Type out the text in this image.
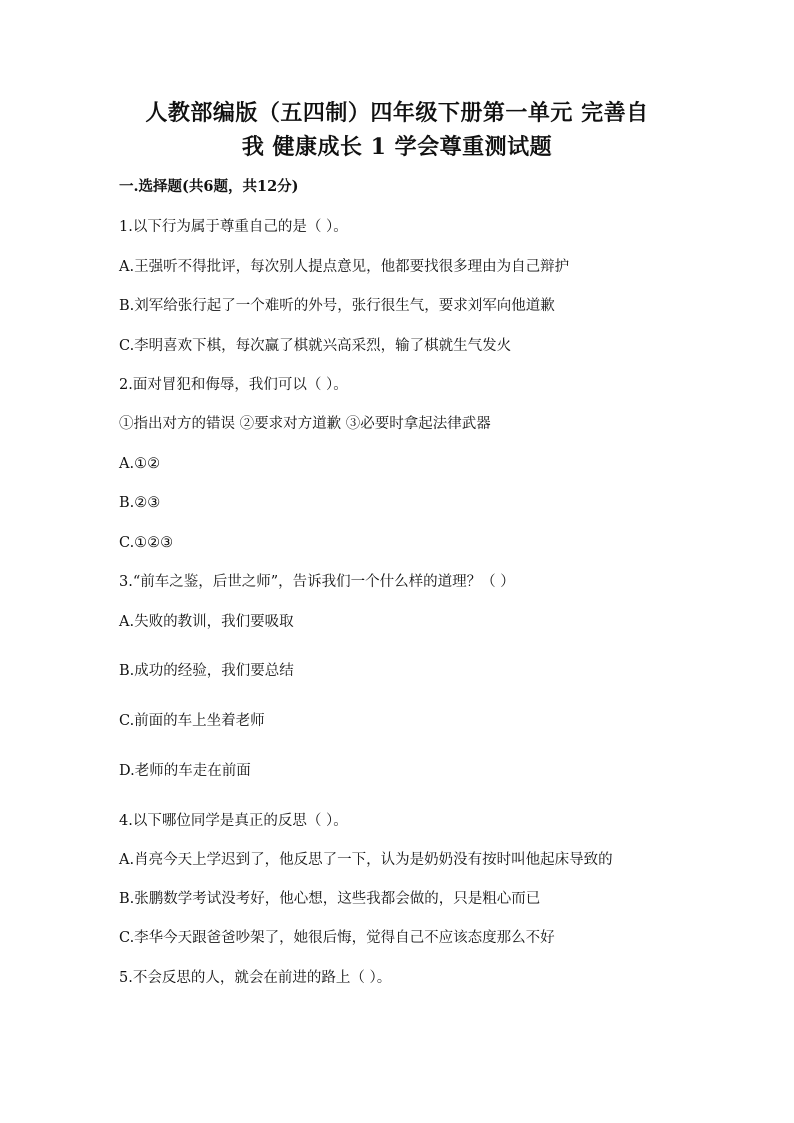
人教部编版（五四制）四年级下册第一单元 完善自
我 健康成长 1 学会尊重测试题
一.选择题(共6题，共12分)
1.以下行为属于尊重自己的是（ ）。
A.王强听不得批评，每次别人提点意见，他都要找很多理由为自己辩护
B.刘军给张行起了一个难听的外号，张行很生气，要求刘军向他道歉
C.李明喜欢下棋，每次赢了棋就兴高采烈，输了棋就生气发火
2.面对冒犯和侮辱，我们可以（ ）。
①指出对方的错误 ②要求对方道歉 ③必要时拿起法律武器
A.①②
B.②③
C.①②③
3.“前车之鉴，后世之师”，告诉我们一个什么样的道理？（ ）
A.失败的教训，我们要吸取
B.成功的经验，我们要总结
C.前面的车上坐着老师
D.老师的车走在前面
4.以下哪位同学是真正的反思（ ）。
A.肖亮今天上学迟到了，他反思了一下，认为是奶奶没有按时叫他起床导致的
B.张鹏数学考试没考好，他心想，这些我都会做的，只是粗心而已
C.李华今天跟爸爸吵架了，她很后悔，觉得自己不应该态度那么不好
5.不会反思的人，就会在前进的路上（ ）。
